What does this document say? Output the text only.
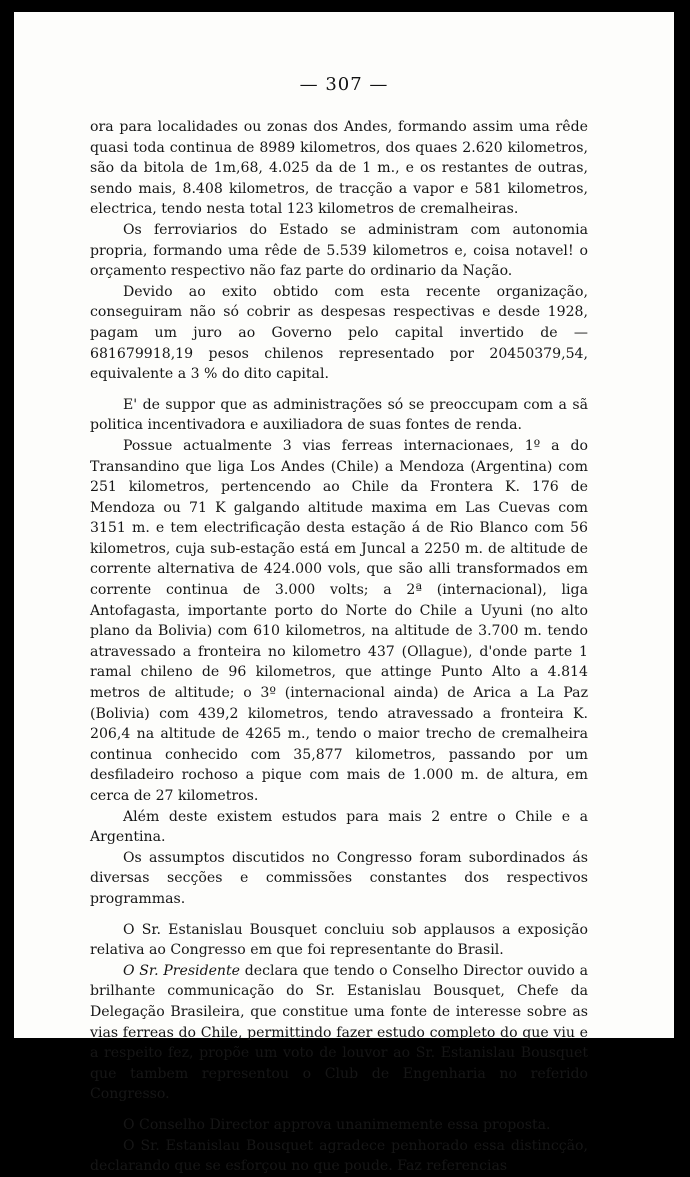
— 307 —

ora para localidades ou zonas dos Andes, formando assim uma rêde quasi toda continua de 8989 kilometros, dos quaes 2.620 kilometros, são da bitola de 1m,68, 4.025 da de 1 m., e os restantes de outras, sendo mais, 8.408 kilometros, de tracção a vapor e 581 kilometros, electrica, tendo nesta total 123 kilometros de cremalheiras.

Os ferroviarios do Estado se administram com autonomia propria, formando uma rêde de 5.539 kilometros e, coisa notavel! o orçamento respectivo não faz parte do ordinario da Nação.

Devido ao exito obtido com esta recente organização, conseguiram não só cobrir as despesas respectivas e desde 1928, pagam um juro ao Governo pelo capital invertido de — 681679918,19 pesos chilenos representado por 20450379,54, equivalente a 3 % do dito capital.

E' de suppor que as administrações só se preoccupam com a sã politica incentivadora e auxiliadora de suas fontes de renda.

Possue actualmente 3 vias ferreas internacionaes, 1º a do Transandino que liga Los Andes (Chile) a Mendoza (Argentina) com 251 kilometros, pertencendo ao Chile da Frontera K. 176 de Mendoza ou 71 K galgando altitude maxima em Las Cuevas com 3151 m. e tem electrificação desta estação á de Rio Blanco com 56 kilometros, cuja sub-estação está em Juncal a 2250 m. de altitude de corrente alternativa de 424.000 vols, que são alli transformados em corrente continua de 3.000 volts; a 2ª (internacional), liga Antofagasta, importante porto do Norte do Chile a Uyuni (no alto plano da Bolivia) com 610 kilometros, na altitude de 3.700 m. tendo atravessado a fronteira no kilometro 437 (Ollague), d'onde parte 1 ramal chileno de 96 kilometros, que attinge Punto Alto a 4.814 metros de altitude; o 3º (internacional ainda) de Arica a La Paz (Bolivia) com 439,2 kilometros, tendo atravessado a fronteira K. 206,4 na altitude de 4265 m., tendo o maior trecho de cremalheira continua conhecido com 35,877 kilometros, passando por um desfiladeiro rochoso a pique com mais de 1.000 m. de altura, em cerca de 27 kilometros.

Além deste existem estudos para mais 2 entre o Chile e a Argentina.

Os assumptos discutidos no Congresso foram subordinados ás diversas secções e commissões constantes dos respectivos programmas.

O Sr. Estanislau Bousquet concluiu sob applausos a exposição relativa ao Congresso em que foi representante do Brasil.

O Sr. Presidente declara que tendo o Conselho Director ouvido a brilhante communicação do Sr. Estanislau Bousquet, Chefe da Delegação Brasileira, que constitue uma fonte de interesse sobre as vias ferreas do Chile, permittindo fazer estudo completo do que viu e a respeito fez, propõe um voto de louvor ao Sr. Estanislau Bousquet que tambem representou o Club de Engenharia no referido Congresso.

O Conselho Director approva unanimemente essa proposta.

O Sr. Estanislau Bousquet agradece penhorado essa distincção, declarando que se esforçou no que poude. Faz referencias
